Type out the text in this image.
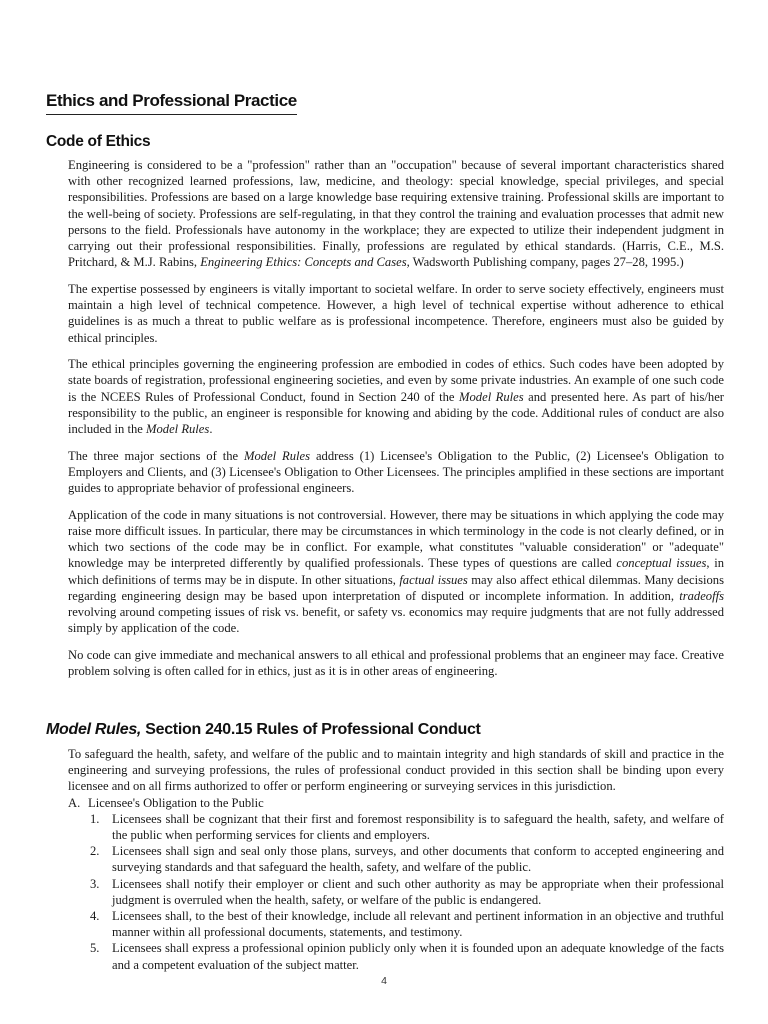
Ethics and Professional Practice
Code of Ethics

Engineering is considered to be a "profession" rather than an "occupation" because of several important characteristics shared with other recognized learned professions, law, medicine, and theology: special knowledge, special privileges, and special responsibilities. Professions are based on a large knowledge base requiring extensive training. Professional skills are important to the well-being of society. Professions are self-regulating, in that they control the training and evaluation processes that admit new persons to the field. Professionals have autonomy in the workplace; they are expected to utilize their independent judgment in carrying out their professional responsibilities. Finally, professions are regulated by ethical standards. (Harris, C.E., M.S. Pritchard, & M.J. Rabins, Engineering Ethics: Concepts and Cases, Wadsworth Publishing company, pages 27–28, 1995.)

The expertise possessed by engineers is vitally important to societal welfare. In order to serve society effectively, engineers must maintain a high level of technical competence. However, a high level of technical expertise without adherence to ethical guidelines is as much a threat to public welfare as is professional incompetence. Therefore, engineers must also be guided by ethical principles.

The ethical principles governing the engineering profession are embodied in codes of ethics. Such codes have been adopted by state boards of registration, professional engineering societies, and even by some private industries. An example of one such code is the NCEES Rules of Professional Conduct, found in Section 240 of the Model Rules and presented here. As part of his/her responsibility to the public, an engineer is responsible for knowing and abiding by the code. Additional rules of conduct are also included in the Model Rules.

The three major sections of the Model Rules address (1) Licensee's Obligation to the Public, (2) Licensee's Obligation to Employers and Clients, and (3) Licensee's Obligation to Other Licensees. The principles amplified in these sections are important guides to appropriate behavior of professional engineers.

Application of the code in many situations is not controversial. However, there may be situations in which applying the code may raise more difficult issues. In particular, there may be circumstances in which terminology in the code is not clearly defined, or in which two sections of the code may be in conflict. For example, what constitutes "valuable consideration" or "adequate" knowledge may be interpreted differently by qualified professionals. These types of questions are called conceptual issues, in which definitions of terms may be in dispute. In other situations, factual issues may also affect ethical dilemmas. Many decisions regarding engineering design may be based upon interpretation of disputed or incomplete information. In addition, tradeoffs revolving around competing issues of risk vs. benefit, or safety vs. economics may require judgments that are not fully addressed simply by application of the code.

No code can give immediate and mechanical answers to all ethical and professional problems that an engineer may face. Creative problem solving is often called for in ethics, just as it is in other areas of engineering.

Model Rules, Section 240.15 Rules of Professional Conduct

To safeguard the health, safety, and welfare of the public and to maintain integrity and high standards of skill and practice in the engineering and surveying professions, the rules of professional conduct provided in this section shall be binding upon every licensee and on all firms authorized to offer or perform engineering or surveying services in this jurisdiction.

A. Licensee's Obligation to the Public

1. Licensees shall be cognizant that their first and foremost responsibility is to safeguard the health, safety, and welfare of the public when performing services for clients and employers.
2. Licensees shall sign and seal only those plans, surveys, and other documents that conform to accepted engineering and surveying standards and that safeguard the health, safety, and welfare of the public.
3. Licensees shall notify their employer or client and such other authority as may be appropriate when their professional judgment is overruled when the health, safety, or welfare of the public is endangered.
4. Licensees shall, to the best of their knowledge, include all relevant and pertinent information in an objective and truthful manner within all professional documents, statements, and testimony.
5. Licensees shall express a professional opinion publicly only when it is founded upon an adequate knowledge of the facts and a competent evaluation of the subject matter.
4
